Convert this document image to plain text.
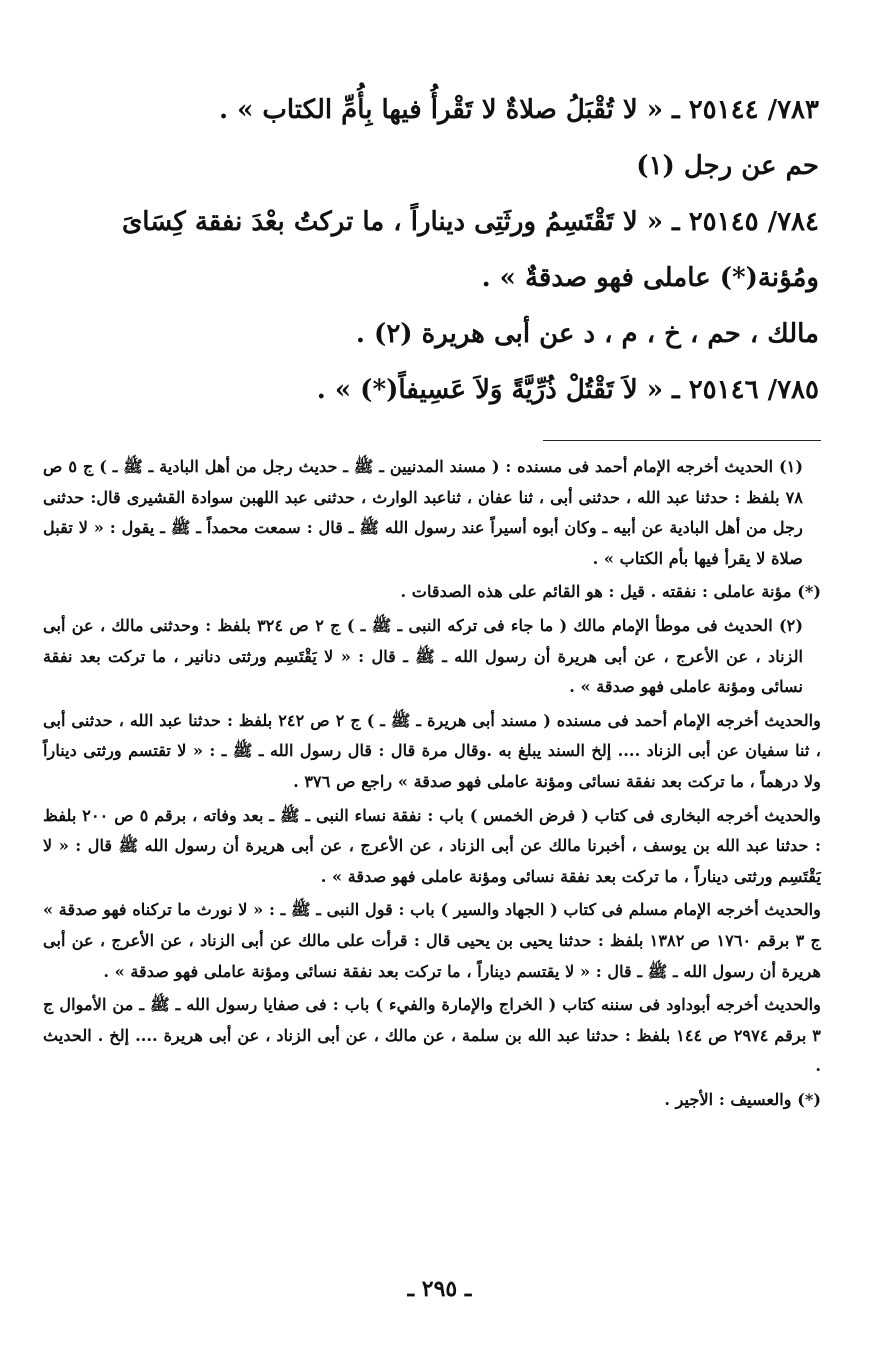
٧٨٣/ ٢٥١٤٤ ـ « لا تُقْبَلُ صلاةٌ لا تَقْرأُ فيها بِأُمِّ الكتاب » .

حم عن رجل (١)

٧٨٤/ ٢٥١٤٥ ـ « لا تَقْتَسِمُ ورثَتِى ديناراً ، ما تركتُ بعْدَ نفقة كِسَاىَ ومُؤنة(*) عاملى فهو صدقةٌ » .

مالك ، حم ، خ ، م ، د عن أبى هريرة (٢) .

٧٨٥/ ٢٥١٤٦ ـ « لاَ تَقْتُلْ ذُرِّيَّةً وَلاَ عَسِيفاً(*) » .

(١) الحديث أخرجه الإمام أحمد فى مسنده : ( مسند المدنيين ـ ﷺ ـ حديث رجل من أهل البادية ـ ﷺ ـ ) ج ٥ ص ٧٨ بلفظ : حدثنا عبد الله ، حدثنى أبى ، ثنا عفان ، ثناعبد الوارث ، حدثنى عبد اللهبن سوادة القشيرى قال: حدثنى رجل من أهل البادية عن أبيه ـ وكان أبوه أسيراً عند رسول الله ﷺ ـ قال : سمعت محمداً ـ ﷺ ـ يقول : « لا تقبل صلاة لا يقرأ فيها بأم الكتاب » .

(*) مؤنة عاملى : نفقته . قيل : هو القائم على هذه الصدقات .

(٢) الحديث فى موطأ الإمام مالك ( ما جاء فى تركه النبى ـ ﷺ ـ ) ج ٢ ص ٣٢٤ بلفظ : وحدثنى مالك ، عن أبى الزناد ، عن الأعرج ، عن أبى هريرة أن رسول الله ـ ﷺ ـ قال : « لا يَقْتَسِم ورثتى دنانير ، ما تركت بعد نفقة نسائى ومؤنة عاملى فهو صدقة » .

والحديث أخرجه الإمام أحمد فى مسنده ( مسند أبى هريرة ـ ﷺ ـ ) ج ٢ ص ٢٤٢ بلفظ : حدثنا عبد الله ، حدثنى أبى ، ثنا سفيان عن أبى الزناد .... إلخ السند يبلغ به .وقال مرة قال : قال رسول الله ـ ﷺ ـ : « لا تقتسم ورثتى ديناراً ولا درهماً ، ما تركت بعد نفقة نسائى ومؤنة عاملى فهو صدقة » راجع ص ٣٧٦ .

والحديث أخرجه البخارى فى كتاب ( فرض الخمس ) باب : نفقة نساء النبى ـ ﷺ ـ بعد وفاته ، برقم ٥ ص ٢٠٠ بلفظ : حدثنا عبد الله بن يوسف ، أخبرنا مالك عن أبى الزناد ، عن الأعرج ، عن أبى هريرة أن رسول الله ﷺ قال : « لا يَقْتَسِم ورثتى ديناراً ، ما تركت بعد نفقة نسائى ومؤنة عاملى فهو صدقة » .

والحديث أخرجه الإمام مسلم فى كتاب ( الجهاد والسير ) باب : قول النبى ـ ﷺ ـ : « لا نورث ما تركناه فهو صدقة » ج ٣ برقم ١٧٦٠ ص ١٣٨٢ بلفظ : حدثنا يحيى بن يحيى قال : قرأت على مالك عن أبى الزناد ، عن الأعرج ، عن أبى هريرة أن رسول الله ـ ﷺ ـ قال : « لا يقتسم ديناراً ، ما تركت بعد نفقة نسائى ومؤنة عاملى فهو صدقة » .

والحديث أخرجه أبوداود فى سننه كتاب ( الخراج والإمارة والفيء ) باب : فى صفايا رسول الله ـ ﷺ ـ من الأموال ج ٣ برقم ٢٩٧٤ ص ١٤٤ بلفظ : حدثنا عبد الله بن سلمة ، عن مالك ، عن أبى الزناد ، عن أبى هريرة .... إلخ . الحديث .

(*) والعسيف : الأجير .

ـ ٢٩٥ ـ
